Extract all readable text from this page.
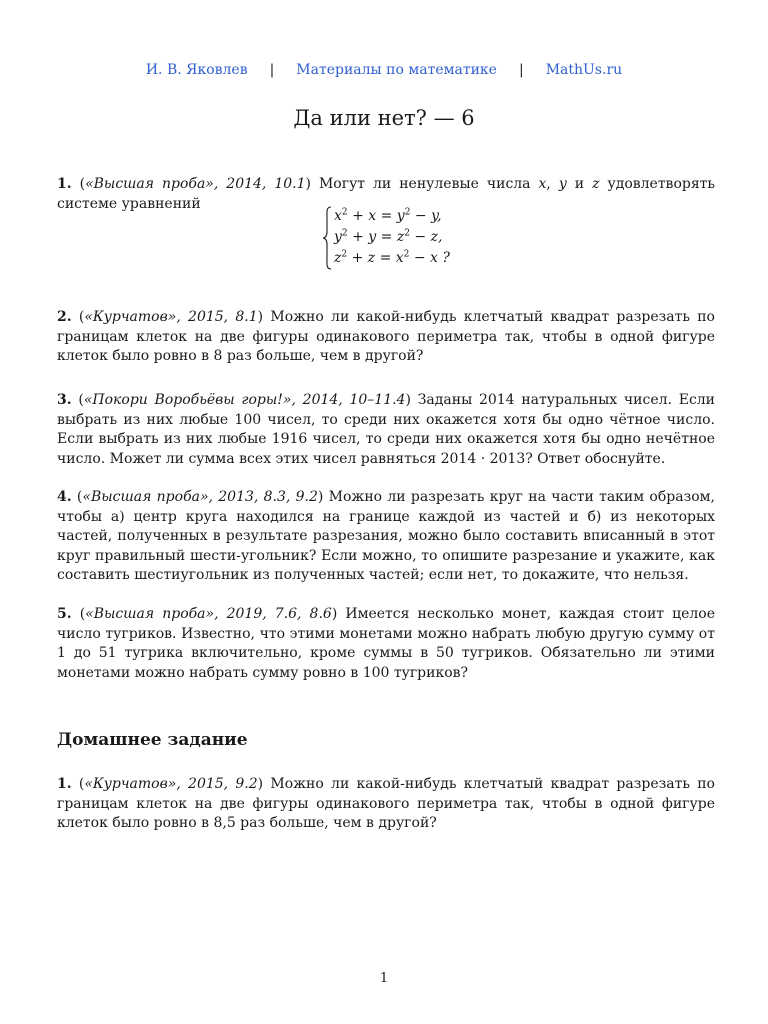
И. В. Яковлев | Материалы по математике | MathUs.ru
Да или нет? — 6
1. («Высшая проба», 2014, 10.1) Могут ли ненулевые числа x, y и z удовлетворять системе уравнений
$x^2 + x = y^2 - y$,
$y^2 + y = z^2 - z$,
$z^2 + z = x^2 - x$ ?
2. («Курчатов», 2015, 8.1) Можно ли какой-нибудь клетчатый квадрат разрезать по границам клеток на две фигуры одинакового периметра так, чтобы в одной фигуре клеток было ровно в 8 раз больше, чем в другой?
3. («Покори Воробьёвы горы!», 2014, 10–11.4) Заданы 2014 натуральных чисел. Если выбрать из них любые 100 чисел, то среди них окажется хотя бы одно чётное число. Если выбрать из них любые 1916 чисел, то среди них окажется хотя бы одно нечётное число. Может ли сумма всех этих чисел равняться 2014 · 2013? Ответ обоснуйте.
4. («Высшая проба», 2013, 8.3, 9.2) Можно ли разрезать круг на части таким образом, чтобы а) центр круга находился на границе каждой из частей и б) из некоторых частей, полученных в результате разрезания, можно было составить вписанный в этот круг правильный шести-угольник? Если можно, то опишите разрезание и укажите, как составить шестиугольник из полученных частей; если нет, то докажите, что нельзя.
5. («Высшая проба», 2019, 7.6, 8.6) Имеется несколько монет, каждая стоит целое число тугриков. Известно, что этими монетами можно набрать любую другую сумму от 1 до 51 тугрика включительно, кроме суммы в 50 тугриков. Обязательно ли этими монетами можно набрать сумму ровно в 100 тугриков?
Домашнее задание
1. («Курчатов», 2015, 9.2) Можно ли какой-нибудь клетчатый квадрат разрезать по границам клеток на две фигуры одинакового периметра так, чтобы в одной фигуре клеток было ровно в 8,5 раз больше, чем в другой?
1
